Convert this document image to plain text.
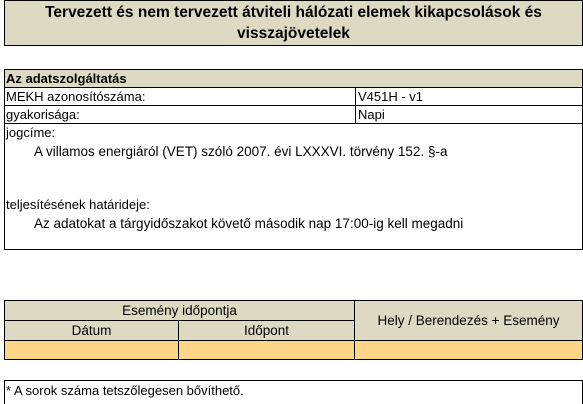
Tervezett és nem tervezett átviteli hálózati elemek kikapcsolások és visszajövetelek
Az adatszolgáltatás
MEKH azonosítószáma:	V451H - v1
gyakorisága:	Napi
jogcíme:
A villamos energiáról (VET) szóló 2007. évi LXXXVI. törvény 152. §-a
teljesítésének határideje:
Az adatokat a tárgyidőszakot követő második nap 17:00-ig kell megadni
Esemény időpontja
Dátum	Időpont
Hely / Berendezés + Esemény
* A sorok száma tetszőlegesen bővíthető.
